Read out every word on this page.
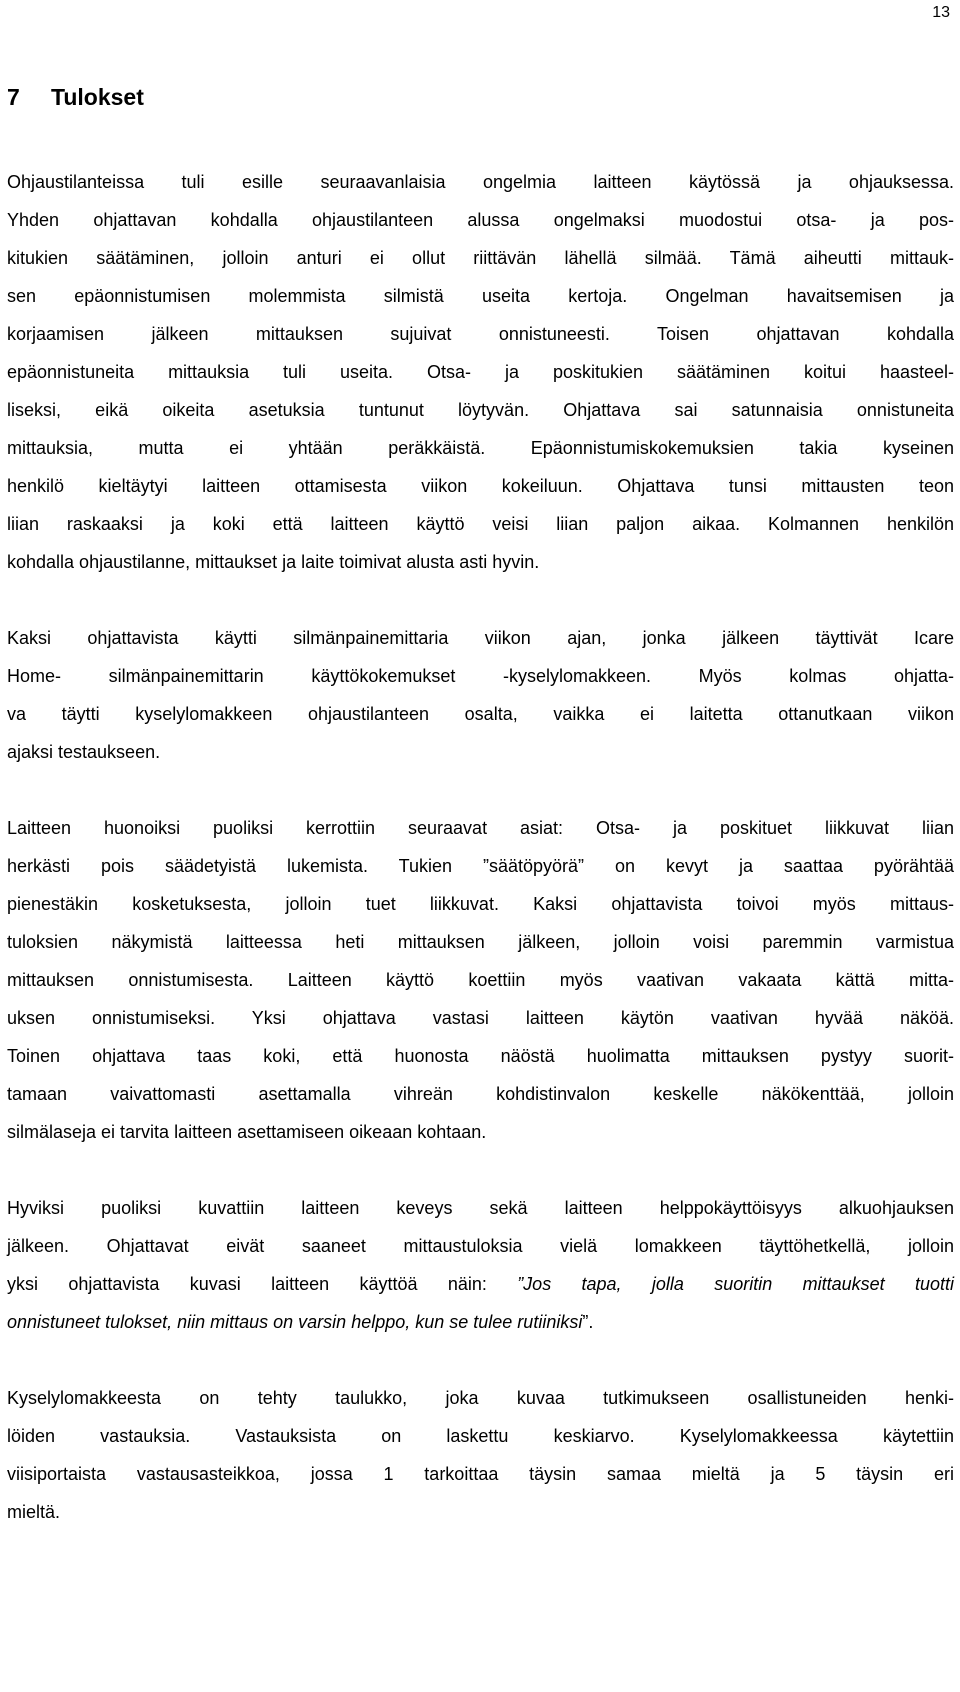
13
7 Tulokset
Ohjaustilanteissa tuli esille seuraavanlaisia ongelmia laitteen käytössä ja ohjauksessa.
Yhden ohjattavan kohdalla ohjaustilanteen alussa ongelmaksi muodostui otsa- ja pos-
kitukien säätäminen, jolloin anturi ei ollut riittävän lähellä silmää. Tämä aiheutti mittauk-
sen epäonnistumisen molemmista silmistä useita kertoja. Ongelman havaitsemisen ja
korjaamisen jälkeen mittauksen sujuivat onnistuneesti. Toisen ohjattavan kohdalla
epäonnistuneita mittauksia tuli useita. Otsa- ja poskitukien säätäminen koitui haasteel-
liseksi, eikä oikeita asetuksia tuntunut löytyvän. Ohjattava sai satunnaisia onnistuneita
mittauksia, mutta ei yhtään peräkkäistä. Epäonnistumiskokemuksien takia kyseinen
henkilö kieltäytyi laitteen ottamisesta viikon kokeiluun. Ohjattava tunsi mittausten teon
liian raskaaksi ja koki että laitteen käyttö veisi liian paljon aikaa. Kolmannen henkilön
kohdalla ohjaustilanne, mittaukset ja laite toimivat alusta asti hyvin.
Kaksi ohjattavista käytti silmänpainemittaria viikon ajan, jonka jälkeen täyttivät Icare
Home- silmänpainemittarin käyttökokemukset -kyselylomakkeen. Myös kolmas ohjatta-
va täytti kyselylomakkeen ohjaustilanteen osalta, vaikka ei laitetta ottanutkaan viikon
ajaksi testaukseen.
Laitteen huonoiksi puoliksi kerrottiin seuraavat asiat: Otsa- ja poskituet liikkuvat liian
herkästi pois säädetyistä lukemista. Tukien ”säätöpyörä” on kevyt ja saattaa pyörähtää
pienestäkin kosketuksesta, jolloin tuet liikkuvat. Kaksi ohjattavista toivoi myös mittaus-
tuloksien näkymistä laitteessa heti mittauksen jälkeen, jolloin voisi paremmin varmistua
mittauksen onnistumisesta. Laitteen käyttö koettiin myös vaativan vakaata kättä mitta-
uksen onnistumiseksi. Yksi ohjattava vastasi laitteen käytön vaativan hyvää näköä.
Toinen ohjattava taas koki, että huonosta näöstä huolimatta mittauksen pystyy suorit-
tamaan vaivattomasti asettamalla vihreän kohdistinvalon keskelle näkökenttää, jolloin
silmälaseja ei tarvita laitteen asettamiseen oikeaan kohtaan.
Hyviksi puoliksi kuvattiin laitteen keveys sekä laitteen helppokäyttöisyys alkuohjauksen
jälkeen. Ohjattavat eivät saaneet mittaustuloksia vielä lomakkeen täyttöhetkellä, jolloin
yksi ohjattavista kuvasi laitteen käyttöä näin: ”Jos tapa, jolla suoritin mittaukset tuotti
onnistuneet tulokset, niin mittaus on varsin helppo, kun se tulee rutiiniksi”.
Kyselylomakkeesta on tehty taulukko, joka kuvaa tutkimukseen osallistuneiden henki-
löiden vastauksia. Vastauksista on laskettu keskiarvo. Kyselylomakkeessa käytettiin
viisiportaista vastausasteikkoa, jossa 1 tarkoittaa täysin samaa mieltä ja 5 täysin eri
mieltä.
